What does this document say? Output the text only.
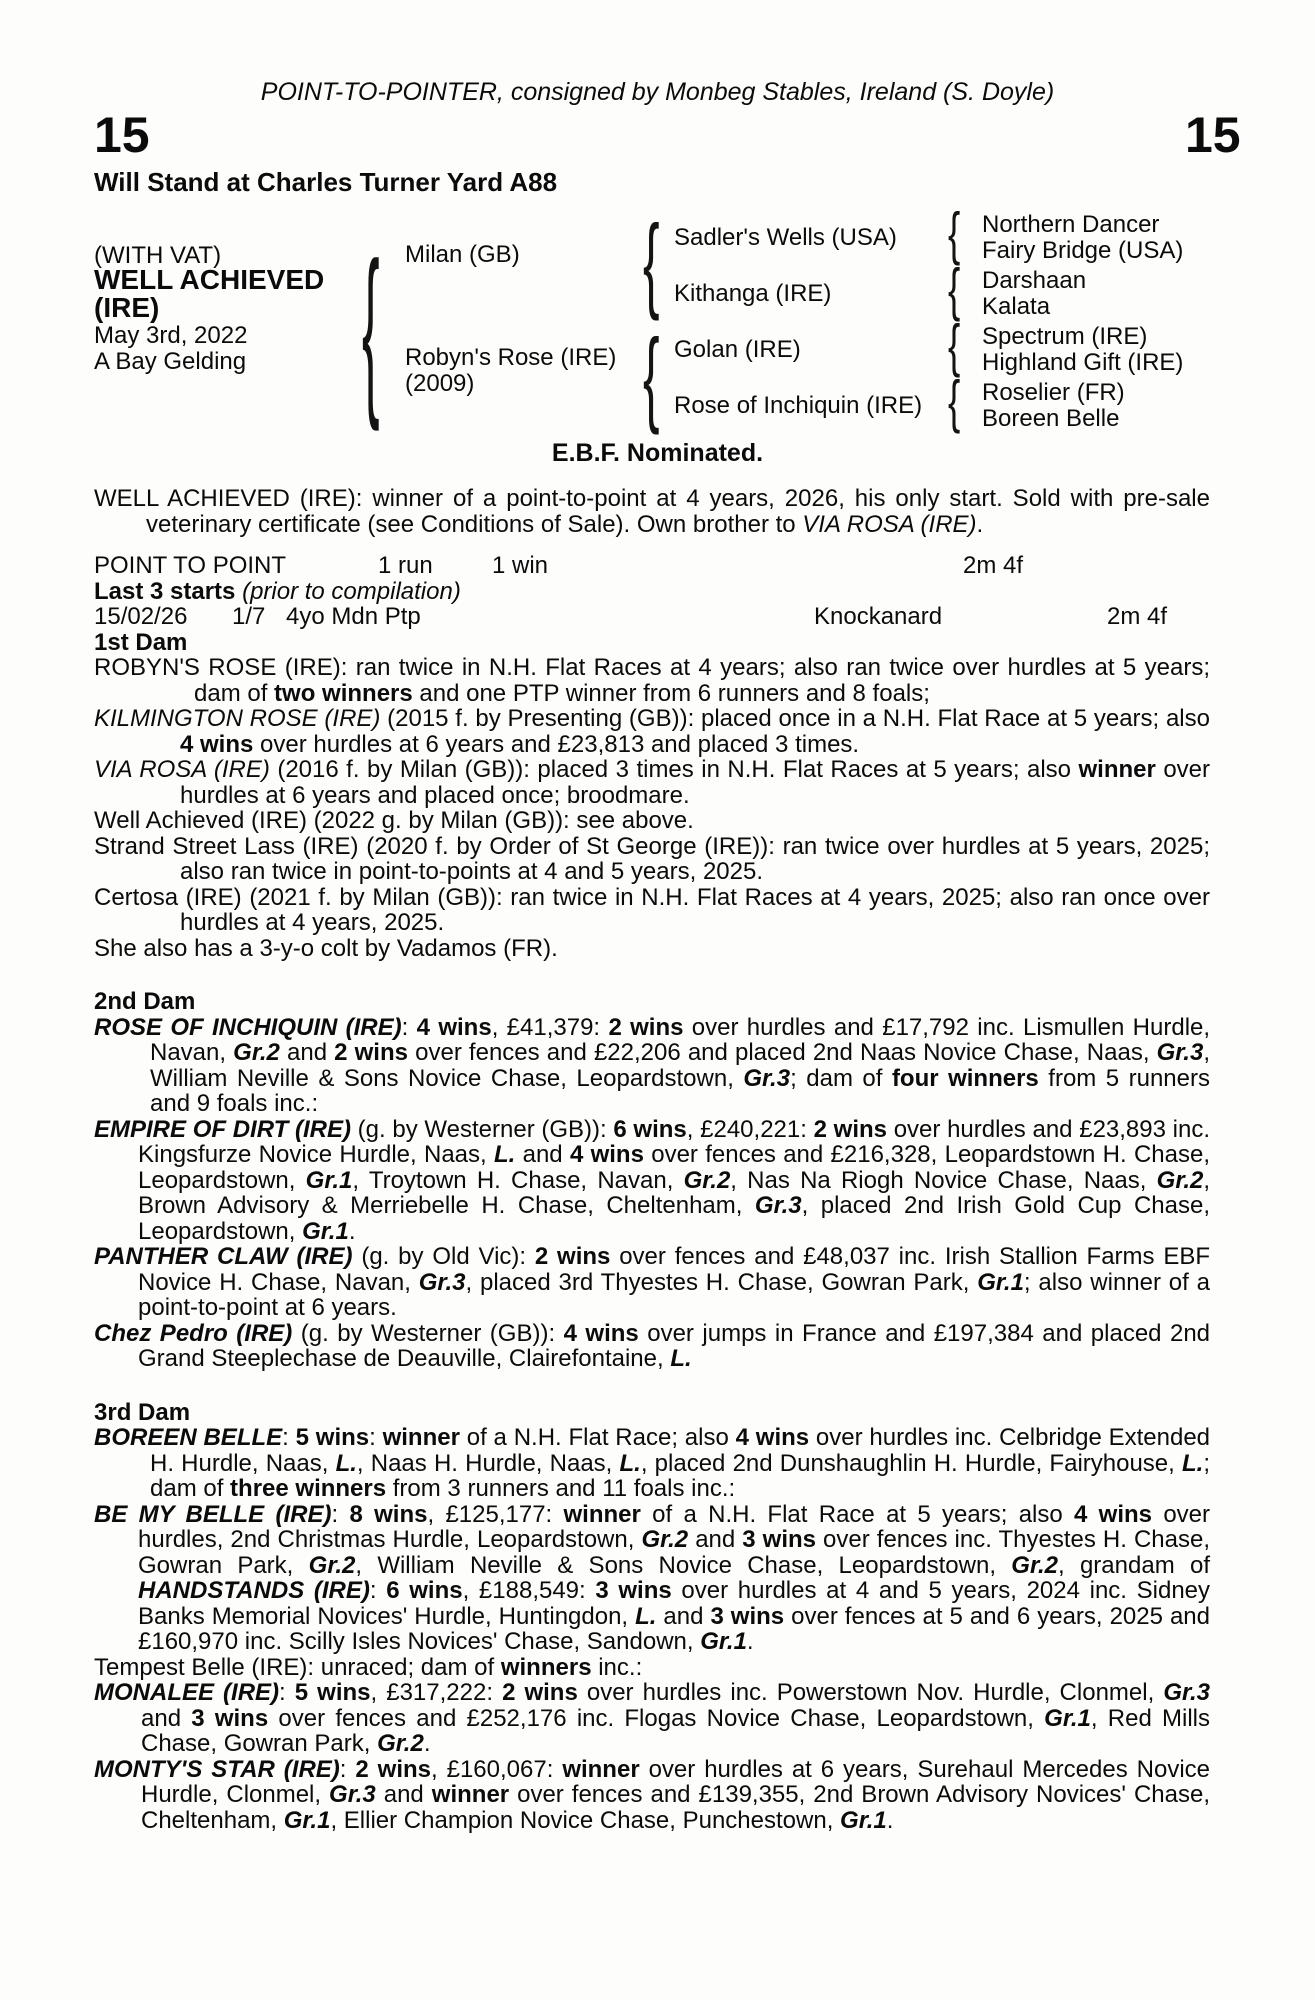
POINT-TO-POINTER, consigned by Monbeg Stables, Ireland (S. Doyle)
15	15
Will Stand at Charles Turner Yard A88
(WITH VAT)
WELL ACHIEVED
(IRE)
May 3rd, 2022
A Bay Gelding
{
{
{
{
{
{
{
Milan (GB)
Robyn's Rose (IRE)
(2009)
Sadler's Wells (USA)
Kithanga (IRE)
Golan (IRE)
Rose of Inchiquin (IRE)
Northern Dancer
Fairy Bridge (USA)
Darshaan
Kalata
Spectrum (IRE)
Highland Gift (IRE)
Roselier (FR)
Boreen Belle
E.B.F. Nominated.

WELL ACHIEVED (IRE): winner of a point-to-point at 4 years, 2026, his only start. Sold with pre-sale veterinary certificate (see Conditions of Sale). Own brother to VIA ROSA (IRE).

POINT TO POINT	1 run 1 win	2m 4f

Last 3 starts (prior to compilation)

15/02/26 1/7 4yo Mdn Ptp	Knockanard	2m 4f

1st Dam

ROBYN'S ROSE (IRE): ran twice in N.H. Flat Races at 4 years; also ran twice over hurdles at 5 years; dam of two winners and one PTP winner from 6 runners and 8 foals;

KILMINGTON ROSE (IRE) (2015 f. by Presenting (GB)): placed once in a N.H. Flat Race at 5 years; also 4 wins over hurdles at 6 years and £23,813 and placed 3 times.

VIA ROSA (IRE) (2016 f. by Milan (GB)): placed 3 times in N.H. Flat Races at 5 years; also winner over hurdles at 6 years and placed once; broodmare.

Well Achieved (IRE) (2022 g. by Milan (GB)): see above.

Strand Street Lass (IRE) (2020 f. by Order of St George (IRE)): ran twice over hurdles at 5 years, 2025; also ran twice in point-to-points at 4 and 5 years, 2025.

Certosa (IRE) (2021 f. by Milan (GB)): ran twice in N.H. Flat Races at 4 years, 2025; also ran once over hurdles at 4 years, 2025.

She also has a 3-y-o colt by Vadamos (FR).

2nd Dam

ROSE OF INCHIQUIN (IRE): 4 wins, £41,379: 2 wins over hurdles and £17,792 inc. Lismullen Hurdle, Navan, Gr.2 and 2 wins over fences and £22,206 and placed 2nd Naas Novice Chase, Naas, Gr.3, William Neville & Sons Novice Chase, Leopardstown, Gr.3; dam of four winners from 5 runners and 9 foals inc.:

EMPIRE OF DIRT (IRE) (g. by Westerner (GB)): 6 wins, £240,221: 2 wins over hurdles and £23,893 inc. Kingsfurze Novice Hurdle, Naas, L. and 4 wins over fences and £216,328, Leopardstown H. Chase, Leopardstown, Gr.1, Troytown H. Chase, Navan, Gr.2, Nas Na Riogh Novice Chase, Naas, Gr.2, Brown Advisory & Merriebelle H. Chase, Cheltenham, Gr.3, placed 2nd Irish Gold Cup Chase, Leopardstown, Gr.1.

PANTHER CLAW (IRE) (g. by Old Vic): 2 wins over fences and £48,037 inc. Irish Stallion Farms EBF Novice H. Chase, Navan, Gr.3, placed 3rd Thyestes H. Chase, Gowran Park, Gr.1; also winner of a point-to-point at 6 years.

Chez Pedro (IRE) (g. by Westerner (GB)): 4 wins over jumps in France and £197,384 and placed 2nd Grand Steeplechase de Deauville, Clairefontaine, L.

3rd Dam

BOREEN BELLE: 5 wins: winner of a N.H. Flat Race; also 4 wins over hurdles inc. Celbridge Extended H. Hurdle, Naas, L., Naas H. Hurdle, Naas, L., placed 2nd Dunshaughlin H. Hurdle, Fairyhouse, L.; dam of three winners from 3 runners and 11 foals inc.:

BE MY BELLE (IRE): 8 wins, £125,177: winner of a N.H. Flat Race at 5 years; also 4 wins over hurdles, 2nd Christmas Hurdle, Leopardstown, Gr.2 and 3 wins over fences inc. Thyestes H. Chase, Gowran Park, Gr.2, William Neville & Sons Novice Chase, Leopardstown, Gr.2, grandam of HANDSTANDS (IRE): 6 wins, £188,549: 3 wins over hurdles at 4 and 5 years, 2024 inc. Sidney Banks Memorial Novices' Hurdle, Huntingdon, L. and 3 wins over fences at 5 and 6 years, 2025 and £160,970 inc. Scilly Isles Novices' Chase, Sandown, Gr.1.

Tempest Belle (IRE): unraced; dam of winners inc.:

MONALEE (IRE): 5 wins, £317,222: 2 wins over hurdles inc. Powerstown Nov. Hurdle, Clonmel, Gr.3 and 3 wins over fences and £252,176 inc. Flogas Novice Chase, Leopardstown, Gr.1, Red Mills Chase, Gowran Park, Gr.2.

MONTY'S STAR (IRE): 2 wins, £160,067: winner over hurdles at 6 years, Surehaul Mercedes Novice Hurdle, Clonmel, Gr.3 and winner over fences and £139,355, 2nd Brown Advisory Novices' Chase, Cheltenham, Gr.1, Ellier Champion Novice Chase, Punchestown, Gr.1.
